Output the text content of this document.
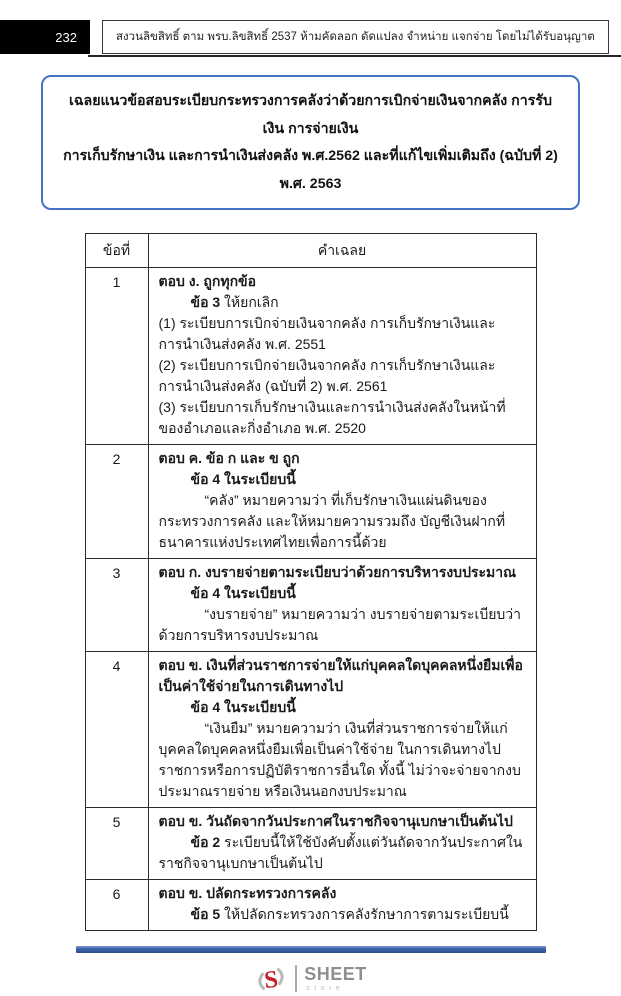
232	สงวนลิขสิทธิ์ ตาม พรบ.ลิขสิทธิ์ 2537 ห้ามคัดลอก ดัดแปลง จำหน่าย แจกจ่าย โดยไม่ได้รับอนุญาต
เฉลยแนวข้อสอบระเบียบกระทรวงการคลังว่าด้วยการเบิกจ่ายเงินจากคลัง การรับเงิน การจ่ายเงิน
การเก็บรักษาเงิน และการนำเงินส่งคลัง พ.ศ.2562 และที่แก้ไขเพิ่มเติมถึง (ฉบับที่ 2) พ.ศ. 2563
ข้อที่	คำเฉลย
1	ตอบ ง. ถูกทุกข้อ

ข้อ 3 ให้ยกเลิก

(1) ระเบียบการเบิกจ่ายเงินจากคลัง การเก็บรักษาเงินและการนำเงินส่งคลัง พ.ศ. 2551

(2) ระเบียบการเบิกจ่ายเงินจากคลัง การเก็บรักษาเงินและการนำเงินส่งคลัง (ฉบับที่ 2) พ.ศ. 2561

(3) ระเบียบการเก็บรักษาเงินและการนำเงินส่งคลังในหน้าที่ของอำเภอและกิ่งอำเภอ พ.ศ. 2520

2	ตอบ ค. ข้อ ก และ ข ถูก

ข้อ 4 ในระเบียบนี้

“คลัง” หมายความว่า ที่เก็บรักษาเงินแผ่นดินของกระทรวงการคลัง และให้หมายความรวมถึง บัญชีเงินฝากที่ธนาคารแห่งประเทศไทยเพื่อการนี้ด้วย

3	ตอบ ก. งบรายจ่ายตามระเบียบว่าด้วยการบริหารงบประมาณ

ข้อ 4 ในระเบียบนี้

“งบรายจ่าย” หมายความว่า งบรายจ่ายตามระเบียบว่าด้วยการบริหารงบประมาณ

4	ตอบ ข. เงินที่ส่วนราชการจ่ายให้แก่บุคคลใดบุคคลหนึ่งยืมเพื่อเป็นค่าใช้จ่ายในการเดินทางไป

ข้อ 4 ในระเบียบนี้

“เงินยืม” หมายความว่า เงินที่ส่วนราชการจ่ายให้แก่บุคคลใดบุคคลหนึ่งยืมเพื่อเป็นค่าใช้จ่าย ในการเดินทางไปราชการหรือการปฏิบัติราชการอื่นใด ทั้งนี้ ไม่ว่าจะจ่ายจากงบประมาณรายจ่าย หรือเงินนอกงบประมาณ

5	ตอบ ข. วันถัดจากวันประกาศในราชกิจจานุเบกษาเป็นต้นไป

ข้อ 2 ระเบียบนี้ให้ใช้บังคับตั้งแต่วันถัดจากวันประกาศในราชกิจจานุเบกษาเป็นต้นไป

6	ตอบ ข. ปลัดกระทรวงการคลัง

ข้อ 5 ให้ปลัดกระทรวงการคลังรักษาการตามระเบียบนี้

S SHEET
store
